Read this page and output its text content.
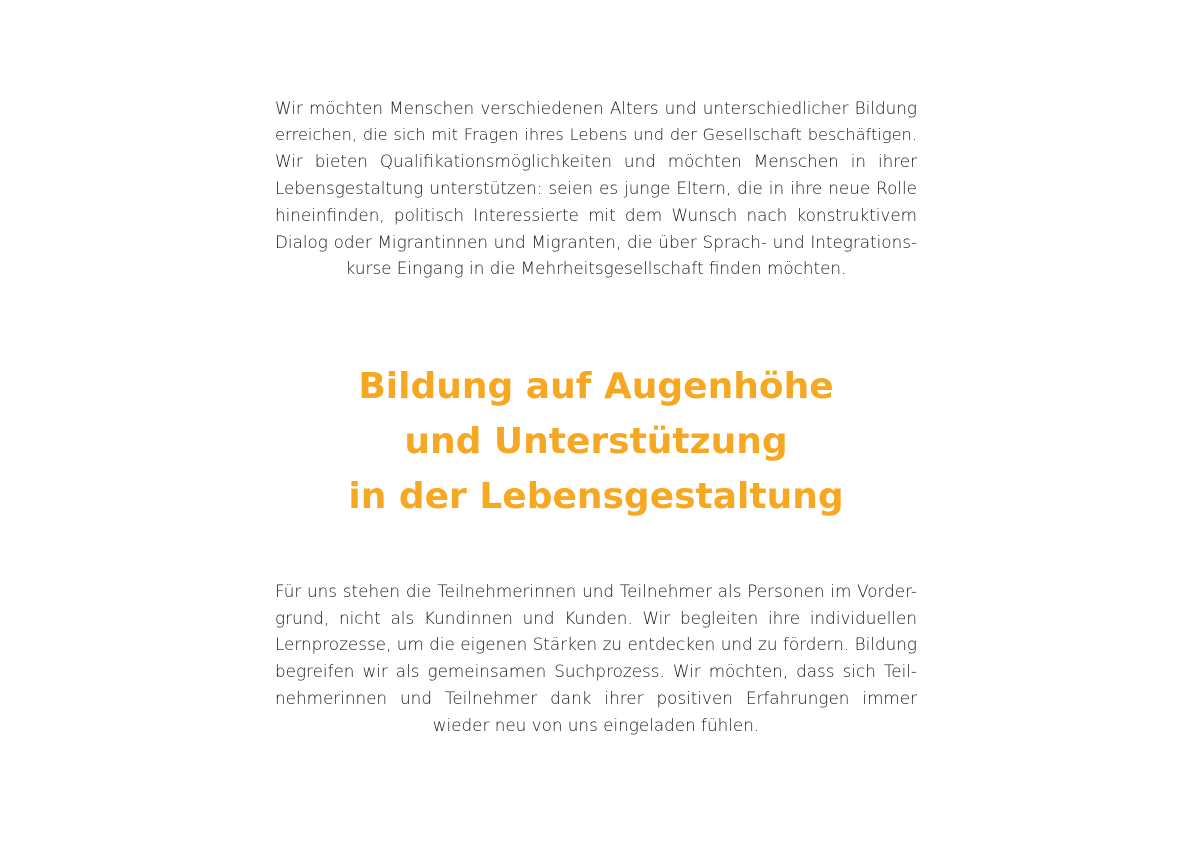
Wir möchten Menschen verschiedenen Alters und unterschiedlicher Bildung
erreichen, die sich mit Fragen ihres Lebens und der Gesellschaft beschäftigen.
Wir bieten Qualifikationsmöglichkeiten und möchten Menschen in ihrer
Lebensgestaltung unterstützen: seien es junge Eltern, die in ihre neue Rolle
hineinfinden, politisch Interessierte mit dem Wunsch nach konstruktivem
Dialog oder Migrantinnen und Migranten, die über Sprach- und Integrations-
kurse Eingang in die Mehrheitsgesellschaft finden möchten.
Bildung auf Augenhöhe
und Unterstützung
in der Lebensgestaltung
Für uns stehen die Teilnehmerinnen und Teilnehmer als Personen im Vorder-
grund, nicht als Kundinnen und Kunden. Wir begleiten ihre individuellen
Lernprozesse, um die eigenen Stärken zu entdecken und zu fördern. Bildung
begreifen wir als gemeinsamen Suchprozess. Wir möchten, dass sich Teil-
nehmerinnen und Teilnehmer dank ihrer positiven Erfahrungen immer
wieder neu von uns eingeladen fühlen.
